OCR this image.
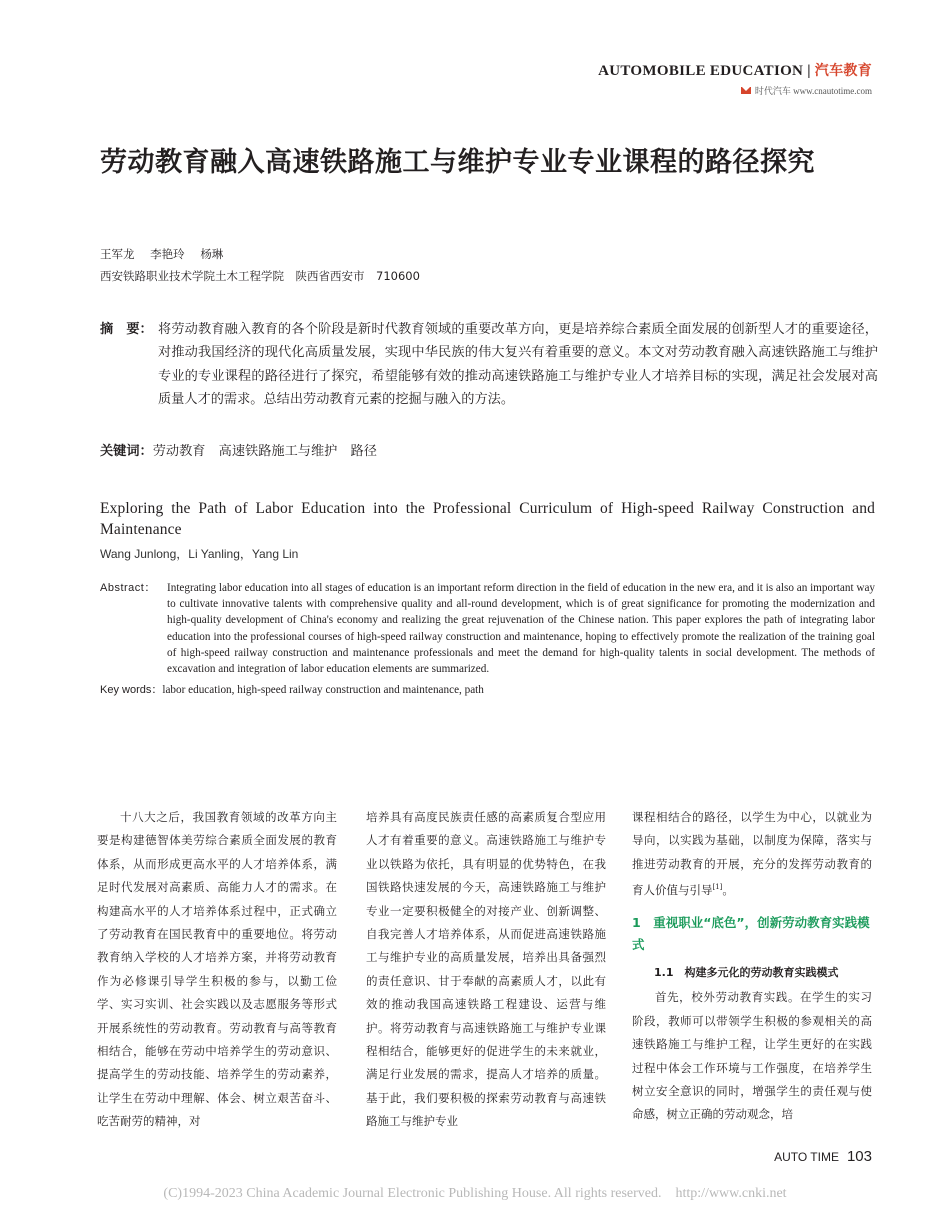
AUTOMOBILE EDUCATION | 汽车教育
时代汽车 www.cnautotime.com
劳动教育融入高速铁路施工与维护专业专业课程的路径探究
王军龙 李艳玲 杨琳
西安铁路职业技术学院土木工程学院　陕西省西安市　710600
摘　要： 将劳动教育融入教育的各个阶段是新时代教育领域的重要改革方向，更是培养综合素质全面发展的创新型人才的重要途径，对推动我国经济的现代化高质量发展，实现中华民族的伟大复兴有着重要的意义。本文对劳动教育融入高速铁路施工与维护专业的专业课程的路径进行了探究，希望能够有效的推动高速铁路施工与维护专业人才培养目标的实现，满足社会发展对高质量人才的需求。总结出劳动教育元素的挖掘与融入的方法。
关键词：劳动教育　高速铁路施工与维护　路径
Exploring the Path of Labor Education into the Professional Curriculum of High-speed Railway Construction and Maintenance
Wang Junlong，Li Yanling，Yang Lin
Abstract： Integrating labor education into all stages of education is an important reform direction in the field of education in the new era, and it is also an important way to cultivate innovative talents with comprehensive quality and all-round development, which is of great significance for promoting the modernization and high-quality development of China's economy and realizing the great rejuvenation of the Chinese nation. This paper explores the path of integrating labor education into the professional courses of high-speed railway construction and maintenance, hoping to effectively promote the realization of the training goal of high-speed railway construction and maintenance professionals and meet the demand for high-quality talents in social development. The methods of excavation and integration of labor education elements are summarized.
Key words：labor education, high-speed railway construction and maintenance, path

十八大之后，我国教育领域的改革方向主要是构建德智体美劳综合素质全面发展的教育体系，从而形成更高水平的人才培养体系，满足时代发展对高素质、高能力人才的需求。在构建高水平的人才培养体系过程中，正式确立了劳动教育在国民教育中的重要地位。将劳动教育纳入学校的人才培养方案，并将劳动教育作为必修课引导学生积极的参与，以勤工俭学、实习实训、社会实践以及志愿服务等形式开展系统性的劳动教育。劳动教育与高等教育相结合，能够在劳动中培养学生的劳动意识、提高学生的劳动技能、培养学生的劳动素养，让学生在劳动中理解、体会、树立艰苦奋斗、吃苦耐劳的精神，对

培养具有高度民族责任感的高素质复合型应用人才有着重要的意义。高速铁路施工与维护专业以铁路为依托，具有明显的优势特色，在我国铁路快速发展的今天，高速铁路施工与维护专业一定要积极健全的对接产业、创新调整、自我完善人才培养体系，从而促进高速铁路施工与维护专业的高质量发展，培养出具备强烈的责任意识、甘于奉献的高素质人才，以此有效的推动我国高速铁路工程建设、运营与维护。将劳动教育与高速铁路施工与维护专业课程相结合，能够更好的促进学生的未来就业，满足行业发展的需求，提高人才培养的质量。基于此，我们要积极的探索劳动教育与高速铁路施工与维护专业

课程相结合的路径，以学生为中心，以就业为导向，以实践为基础，以制度为保障，落实与推进劳动教育的开展，充分的发挥劳动教育的育人价值与引导[1]。

1　重视职业“底色”，创新劳动教育实践模式

1.1　构建多元化的劳动教育实践模式

首先，校外劳动教育实践。在学生的实习阶段，教师可以带领学生积极的参观相关的高速铁路施工与维护工程，让学生更好的在实践过程中体会工作环境与工作强度，在培养学生树立安全意识的同时，增强学生的责任观与使命感，树立正确的劳动观念，培

AUTO TIME 103
(C)1994-2023 China Academic Journal Electronic Publishing House. All rights reserved.    http://www.cnki.net
